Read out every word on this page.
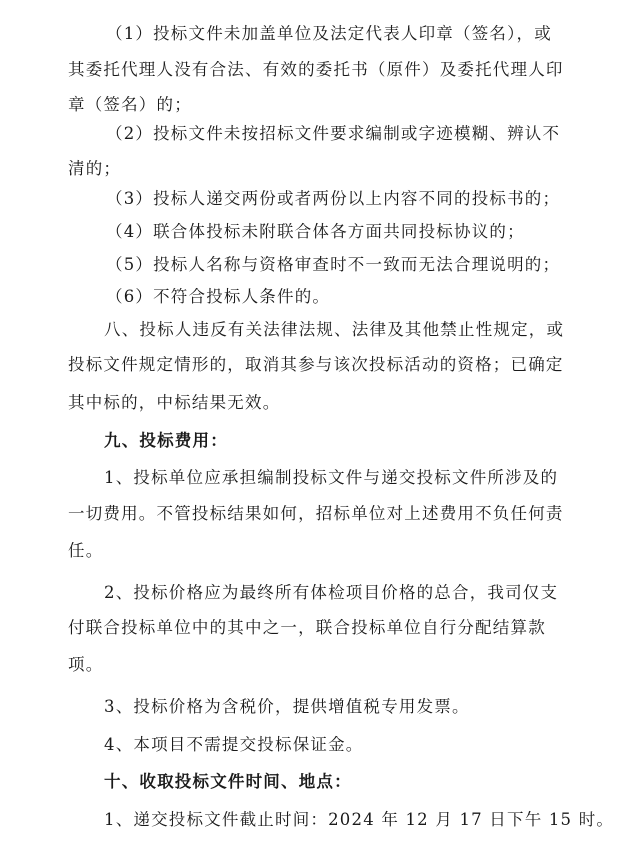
（1）投标文件未加盖单位及法定代表人印章（签名），或
其委托代理人没有合法、有效的委托书（原件）及委托代理人印
章（签名）的；
（2）投标文件未按招标文件要求编制或字迹模糊、辨认不
清的；
（3）投标人递交两份或者两份以上内容不同的投标书的；
（4）联合体投标未附联合体各方面共同投标协议的；
（5）投标人名称与资格审查时不一致而无法合理说明的；
（6）不符合投标人条件的。
八、投标人违反有关法律法规、法律及其他禁止性规定，或
投标文件规定情形的，取消其参与该次投标活动的资格；已确定
其中标的，中标结果无效。
九、投标费用：
1、投标单位应承担编制投标文件与递交投标文件所涉及的
一切费用。不管投标结果如何，招标单位对上述费用不负任何责
任。
2、投标价格应为最终所有体检项目价格的总合，我司仅支
付联合投标单位中的其中之一，联合投标单位自行分配结算款
项。
3、投标价格为含税价，提供增值税专用发票。
4、本项目不需提交投标保证金。
十、收取投标文件时间、地点：
1、递交投标文件截止时间：2024 年 12 月 17 日下午 15 时。
